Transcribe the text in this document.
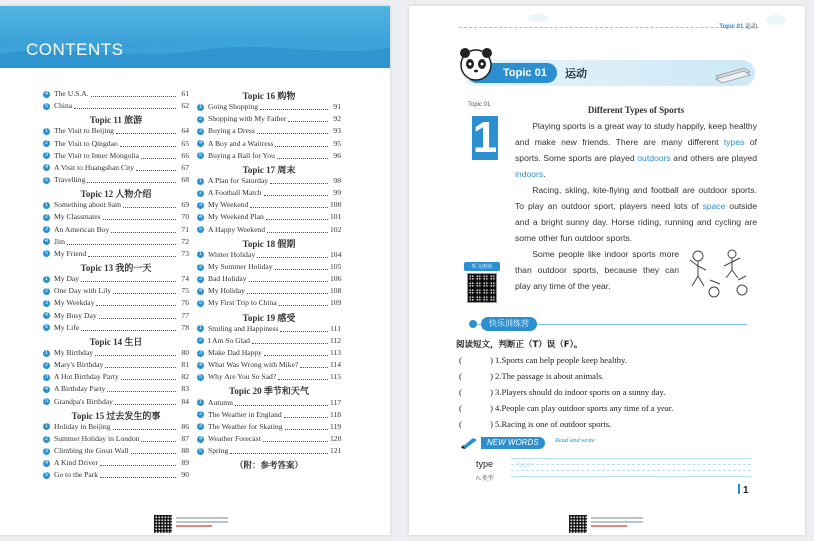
CONTENTS
4 The U.S.A.	61
5 China	62
Topic 11 旅游
1 The Visit to Beijing	64
2 The Visit to Qingdao	65
3 The Visit to Inner Mongolia	66
4 A Visit to Huangshan City	67
5 Travelling	68
Topic 12 人物介绍
1 Something about Sam	69
2 My Classmates	70
3 An American Boy	71
4 Jim	72
5 My Friend	73
Topic 13 我的一天
1 My Day	74
2 One Day with Lily	75
3 My Weekday	76
4 My Busy Day	77
5 My Life	78
Topic 14 生日
1 My Birthday	80
2 Mary's Birthday	81
3 A Hot Birthday Party	82
4 A Birthday Party	83
5 Grandpa's Birthday	84
Topic 15 过去发生的事
1 Holiday in Beijing	86
2 Summer Holiday in London	87
3 Climbing the Great Wall	88
4 A Kind Driver	89
5 Go to the Park	90
Topic 16 购物
1 Going Shopping	91
2 Shopping with My Father	92
3 Buying a Dress	93
4 A Boy and a Waitress	95
5 Buying a Ball for You	96
Topic 17 周末
1 A Plan for Saturday	98
2 A Football Match	99
3 My Weekend	100
4 My Weekend Plan	101
5 A Happy Weekend	102
Topic 18 假期
1 Winter Holiday	104
2 My Summer Holiday	105
3 Bad Holiday	106
4 My Holiday	108
5 My First Trip to China	109
Topic 19 感受
1 Smiling and Happiness	111
2 I Am So Glad	112
3 Make Dad Happy	113
4 What Was Wrong with Mike?	114
5 Why Are You So Sad?	115
Topic 20 季节和天气
1 Autumn	117
2 The Weather in England	118
3 The Weather for Skating	119
4 Weather Forecast	120
5 Spring	121
（附：参考答案）
Topic 01 运动
Topic 01	运动
Topic 01
1
Different Types of Sports

Playing sports is a great way to study happily, keep healthy and make new friends. There are many different types of sports. Some sports are played outdoors and others are played indoors.

Racing, skiing, kite-flying and football are outdoor sports. To play an outdoor sport, players need lots of space outside and a bright sunny day. Horse riding, running and cycling are some other fun outdoor sports.

Some people like indoor sports more than outdoor sports, because they can play any time of the year.

听文朗读
快乐训练营
阅读短文，判断正（T）误（F）。
(	) 1 . Sports can help people keep healthy.
(	) 2 . The passage is about animals.
(	) 3 . Players should do indoor sports on a sunny day.
(	) 4 . People can play outdoor sports any time of a year.
(	) 5 . Racing is one of outdoor sports.
NEW WORDS	Read and write
type
n.类型
type
1
